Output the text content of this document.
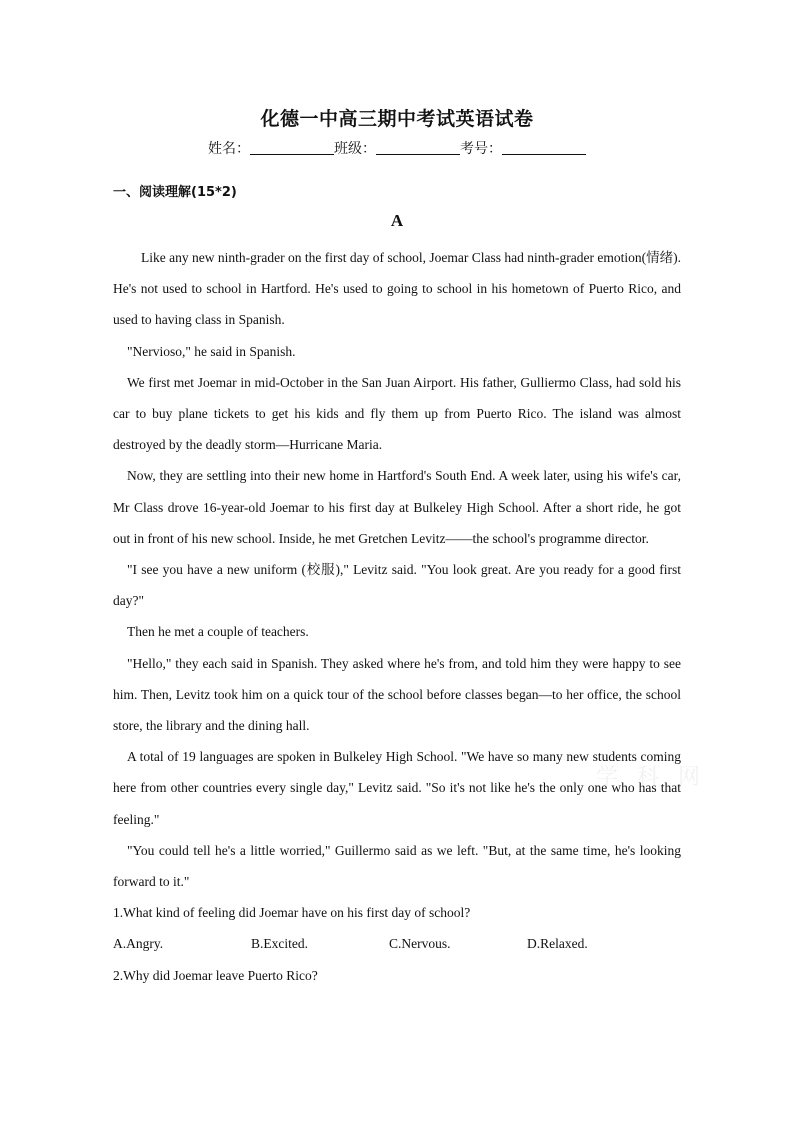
化德一中高三期中考试英语试卷
姓名：	班级：	考号：
一、阅读理解(15*2)
A

Like any new ninth-grader on the first day of school, Joemar Class had ninth-grader emotion(情绪). He's not used to school in Hartford. He's used to going to school in his hometown of Puerto Rico, and used to having class in Spanish.

"Nervioso," he said in Spanish.

We first met Joemar in mid-October in the San Juan Airport. His father, Gulliermo Class, had sold his car to buy plane tickets to get his kids and fly them up from Puerto Rico. The island was almost destroyed by the deadly storm—Hurricane Maria.

Now, they are settling into their new home in Hartford's South End. A week later, using his wife's car, Mr Class drove 16-year-old Joemar to his first day at Bulkeley High School. After a short ride, he got out in front of his new school. Inside, he met Gretchen Levitz——the school's programme director.

"I see you have a new uniform (校服)," Levitz said. "You look great. Are you ready for a good first day?"

Then he met a couple of teachers.

"Hello," they each said in Spanish. They asked where he's from, and told him they were happy to see him. Then, Levitz took him on a quick tour of the school before classes began—to her office, the school store, the library and the dining hall.

A total of 19 languages are spoken in Bulkeley High School. "We have so many new students coming here from other countries every single day," Levitz said. "So it's not like he's the only one who has that feeling."

"You could tell he's a little worried," Guillermo said as we left. "But, at the same time, he's looking forward to it."

1.What kind of feeling did Joemar have on his first day of school?

A.Angry.	B.Excited.	C.Nervous.	D.Relaxed.

2.Why did Joemar leave Puerto Rico?

学 科 网
